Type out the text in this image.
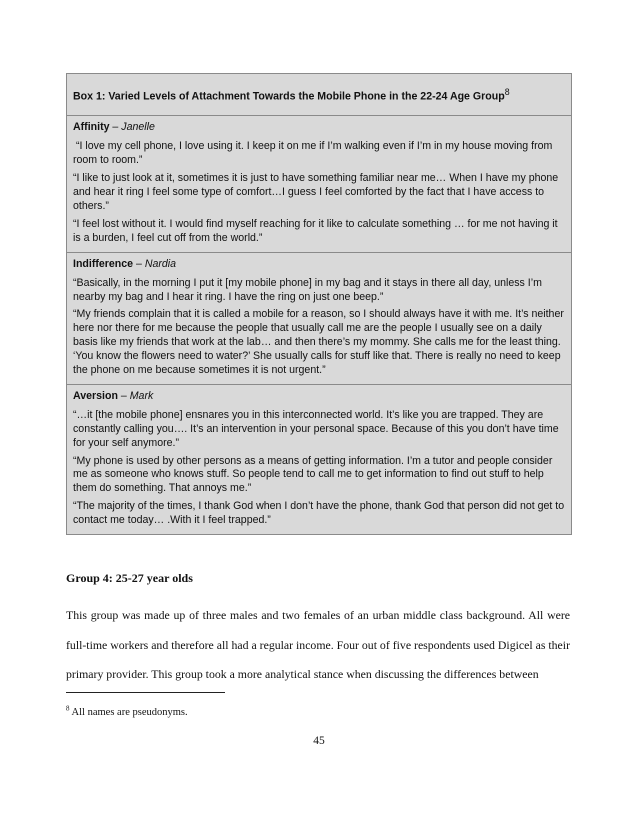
Box 1: Varied Levels of Attachment Towards the Mobile Phone in the 22-24 Age Group$^8$
Affinity – Janelle

“I love my cell phone, I love using it. I keep it on me if I’m walking even if I’m in my house moving from room to room.”

“I like to just look at it, sometimes it is just to have something familiar near me… When I have my phone and hear it ring I feel some type of comfort…I guess I feel comforted by the fact that I have access to others.”

“I feel lost without it. I would find myself reaching for it like to calculate something … for me not having it is a burden, I feel cut off from the world.”

Indifference – Nardia

“Basically, in the morning I put it [my mobile phone] in my bag and it stays in there all day, unless I’m nearby my bag and I hear it ring. I have the ring on just one beep.”

“My friends complain that it is called a mobile for a reason, so I should always have it with me. It’s neither here nor there for me because the people that usually call me are the people I usually see on a daily basis like my friends that work at the lab… and then there’s my mommy. She calls me for the least thing. ‘You know the flowers need to water?’ She usually calls for stuff like that. There is really no need to keep the phone on me because sometimes it is not urgent.”

Aversion – Mark

“…it [the mobile phone] ensnares you in this interconnected world. It’s like you are trapped. They are constantly calling you…. It’s an intervention in your personal space. Because of this you don’t have time for your self anymore.”

“My phone is used by other persons as a means of getting information. I’m a tutor and people consider me as someone who knows stuff. So people tend to call me to get information to find out stuff to help them do something. That annoys me.”

“The majority of the times, I thank God when I don’t have the phone, thank God that person did not get to contact me today… .With it I feel trapped.”

Group 4: 25-27 year olds
This group was made up of three males and two females of an urban middle class background. All were full-time workers and therefore all had a regular income. Four out of five respondents used Digicel as their primary provider. This group took a more analytical stance when discussing the differences between
$^8$ All names are pseudonyms.
45
